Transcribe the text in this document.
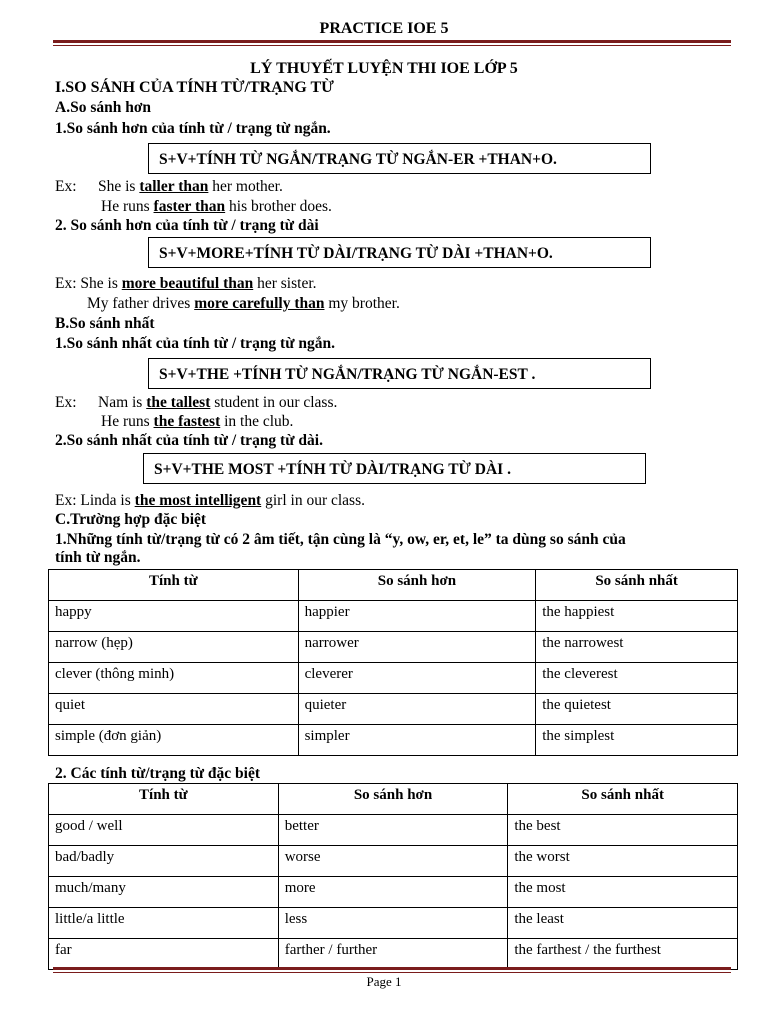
PRACTICE IOE 5
LÝ THUYẾT LUYỆN THI IOE LỚP 5
I.SO SÁNH CỦA TÍNH TỪ/TRẠNG TỪ
A.So sánh hơn
1.So sánh hơn của tính từ / trạng từ ngắn.
S+V+TÍNH TỪ NGẮN/TRẠNG TỪ NGẮN-ER +THAN+O.
Ex: She is taller than her mother.
He runs faster than his brother does.
2. So sánh hơn của tính từ / trạng từ dài
S+V+MORE+TÍNH TỪ DÀI/TRẠNG TỪ DÀI +THAN+O.
Ex: She is more beautiful than her sister.
My father drives more carefully than my brother.
B.So sánh nhất
1.So sánh nhất của tính từ / trạng từ ngắn.
S+V+THE +TÍNH TỪ NGẮN/TRẠNG TỪ NGẮN-EST .
Ex: Nam is the tallest student in our class.
He runs the fastest in the club.
2.So sánh nhất của tính từ / trạng từ dài.
S+V+THE MOST +TÍNH TỪ DÀI/TRẠNG TỪ DÀI .
Ex: Linda is the most intelligent girl in our class.
C.Trường hợp đặc biệt
1.Những tính từ/trạng từ có 2 âm tiết, tận cùng là “y, ow, er, et, le” ta dùng so sánh của
tính từ ngắn.
Tính từ	So sánh hơn	So sánh nhất
happy	happier	the happiest
narrow (hẹp)	narrower	the narrowest
clever (thông minh)	cleverer	the cleverest
quiet	quieter	the quietest
simple (đơn giản)	simpler	the simplest
2. Các tính từ/trạng từ đặc biệt
Tính từ	So sánh hơn	So sánh nhất
good / well	better	the best
bad/badly	worse	the worst
much/many	more	the most
little/a little	less	the least
far	farther / further	the farthest / the furthest
Page 1
